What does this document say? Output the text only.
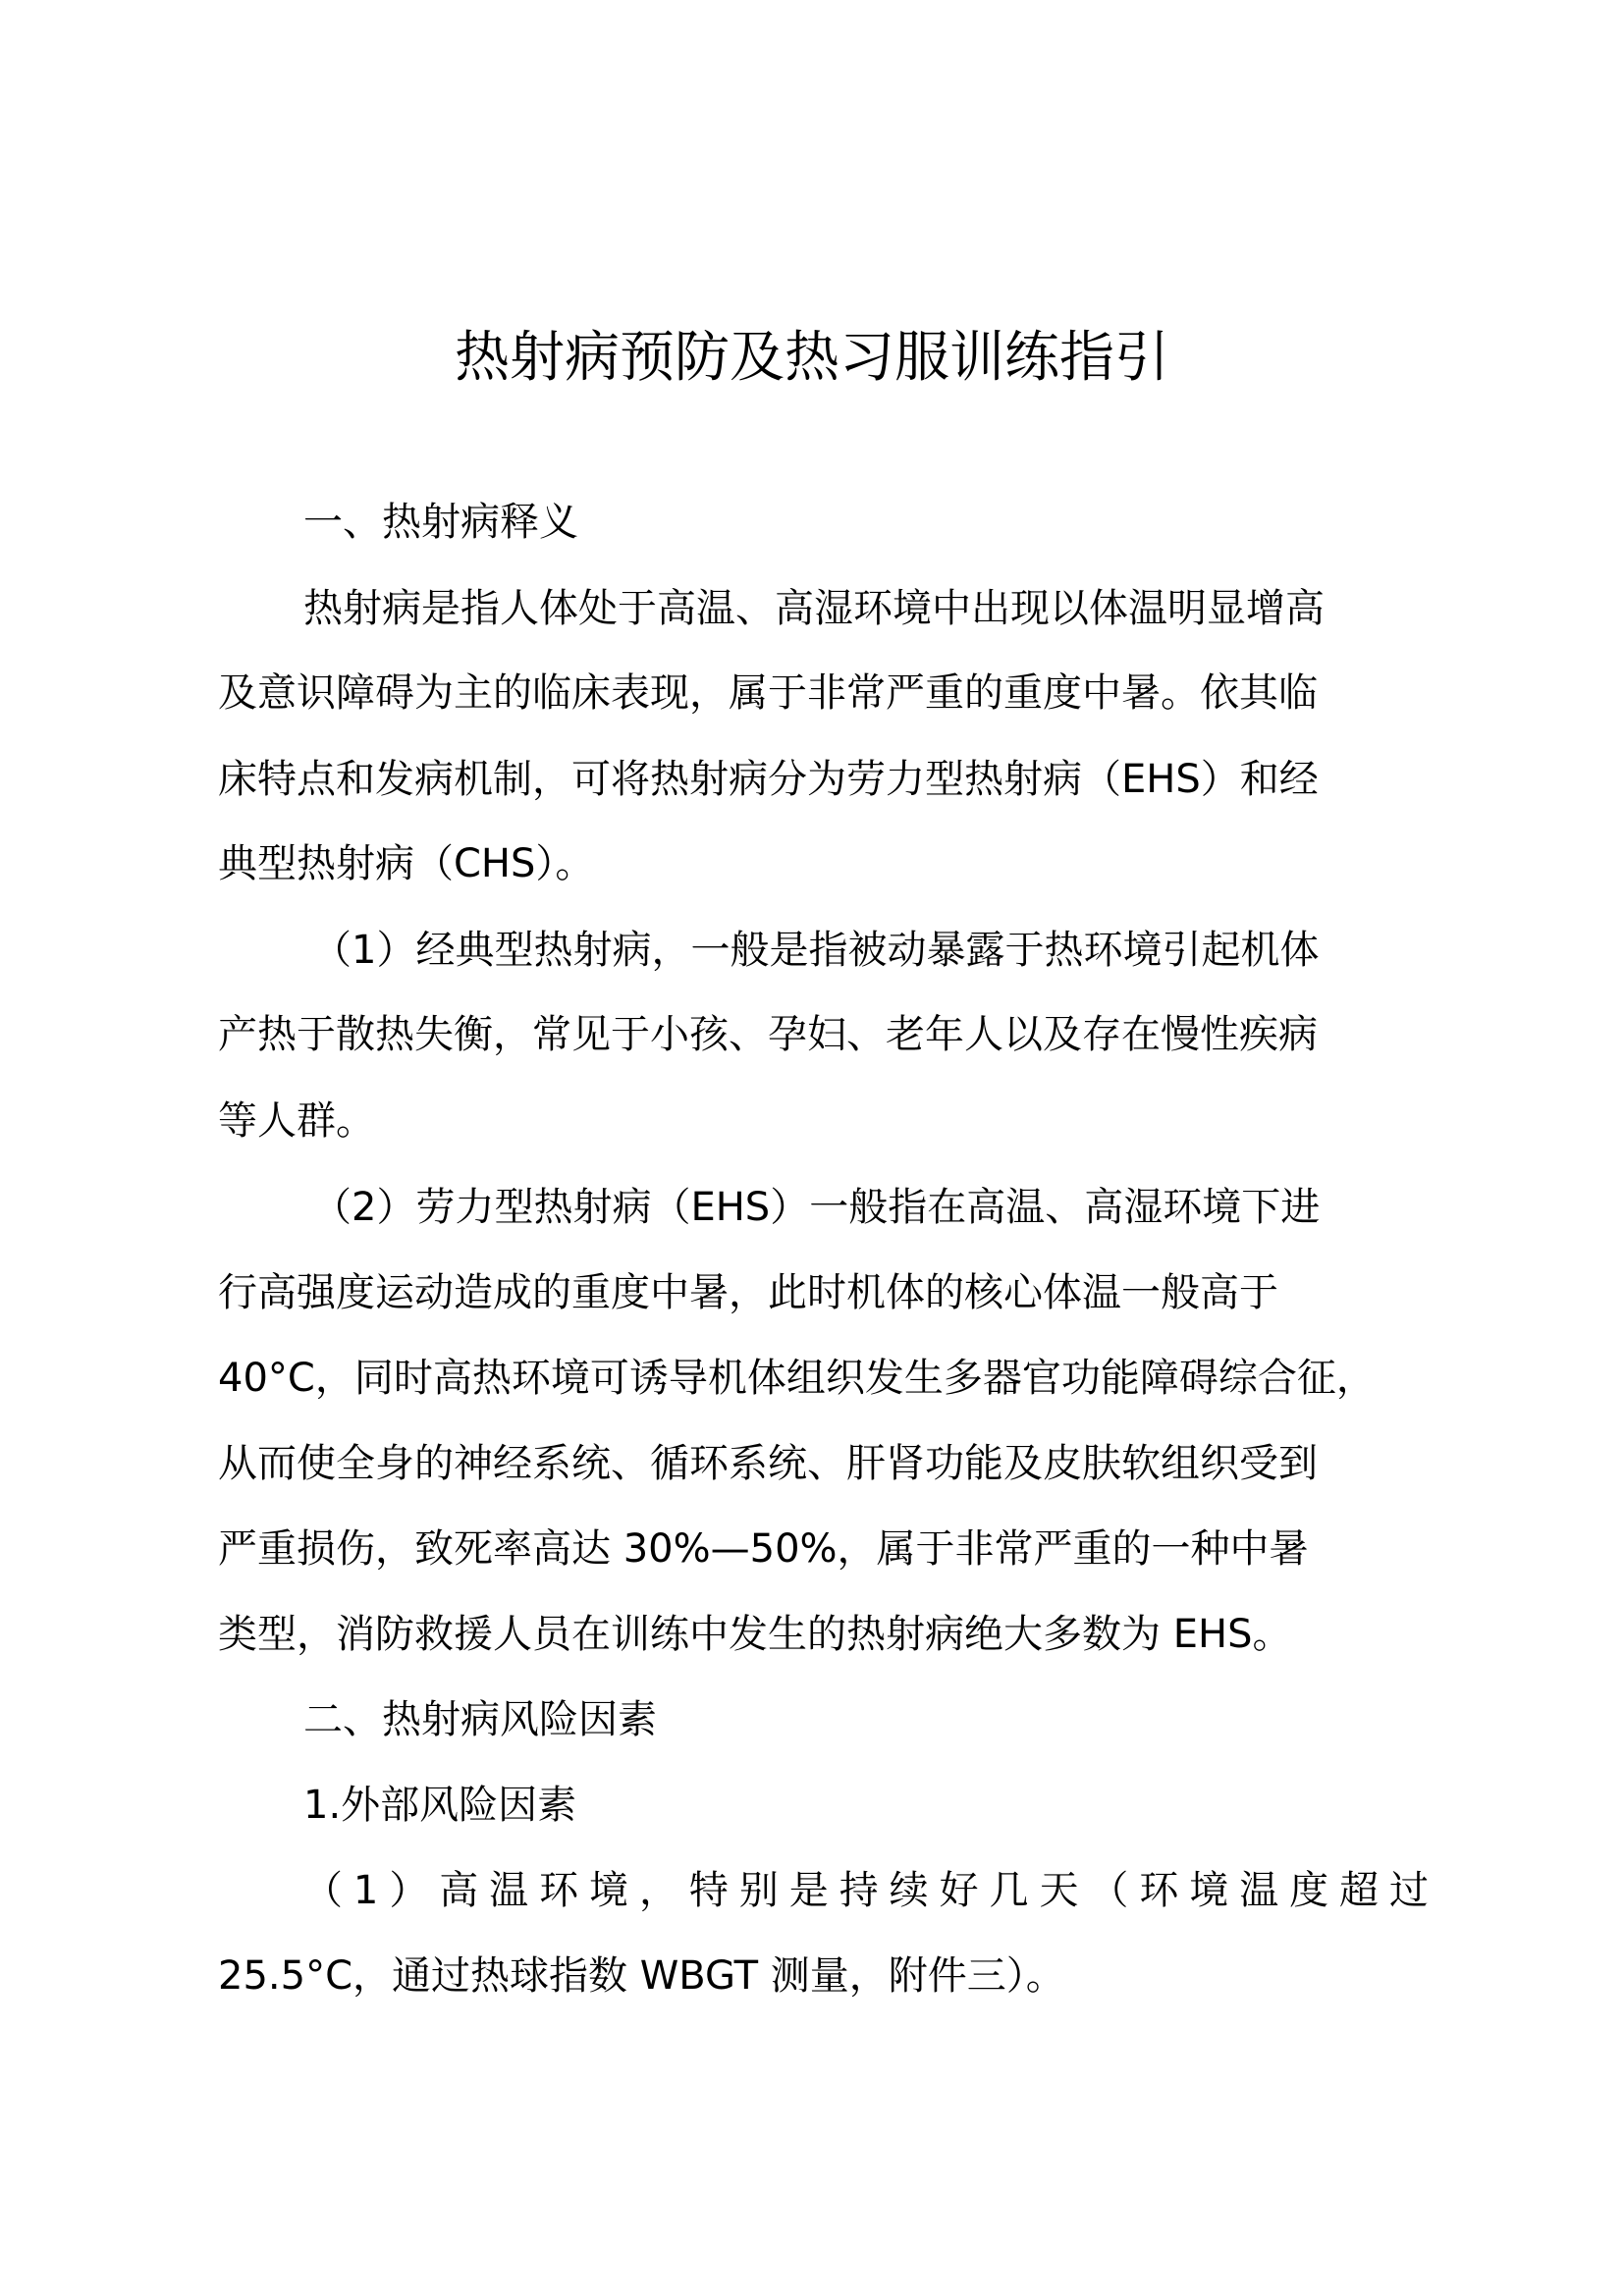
热射病预防及热习服训练指引
一、热射病释义
热射病是指人体处于高温、高湿环境中出现以体温明显增高
及意识障碍为主的临床表现，属于非常严重的重度中暑。依其临
床特点和发病机制，可将热射病分为劳力型热射病（EHS）和经
典型热射病（CHS）。
（1）经典型热射病，一般是指被动暴露于热环境引起机体
产热于散热失衡，常见于小孩、孕妇、老年人以及存在慢性疾病
等人群。
（2）劳力型热射病（EHS）一般指在高温、高湿环境下进
行高强度运动造成的重度中暑，此时机体的核心体温一般高于
40°C，同时高热环境可诱导机体组织发生多器官功能障碍综合征，
从而使全身的神经系统、循环系统、肝肾功能及皮肤软组织受到
严重损伤，致死率高达 30%—50%，属于非常严重的一种中暑
类型，消防救援人员在训练中发生的热射病绝大多数为 EHS。
二、热射病风险因素
1.外部风险因素
（1）高温环境，特别是持续好几天（环境温度超过
25.5°C，通过热球指数 WBGT 测量，附件三）。
